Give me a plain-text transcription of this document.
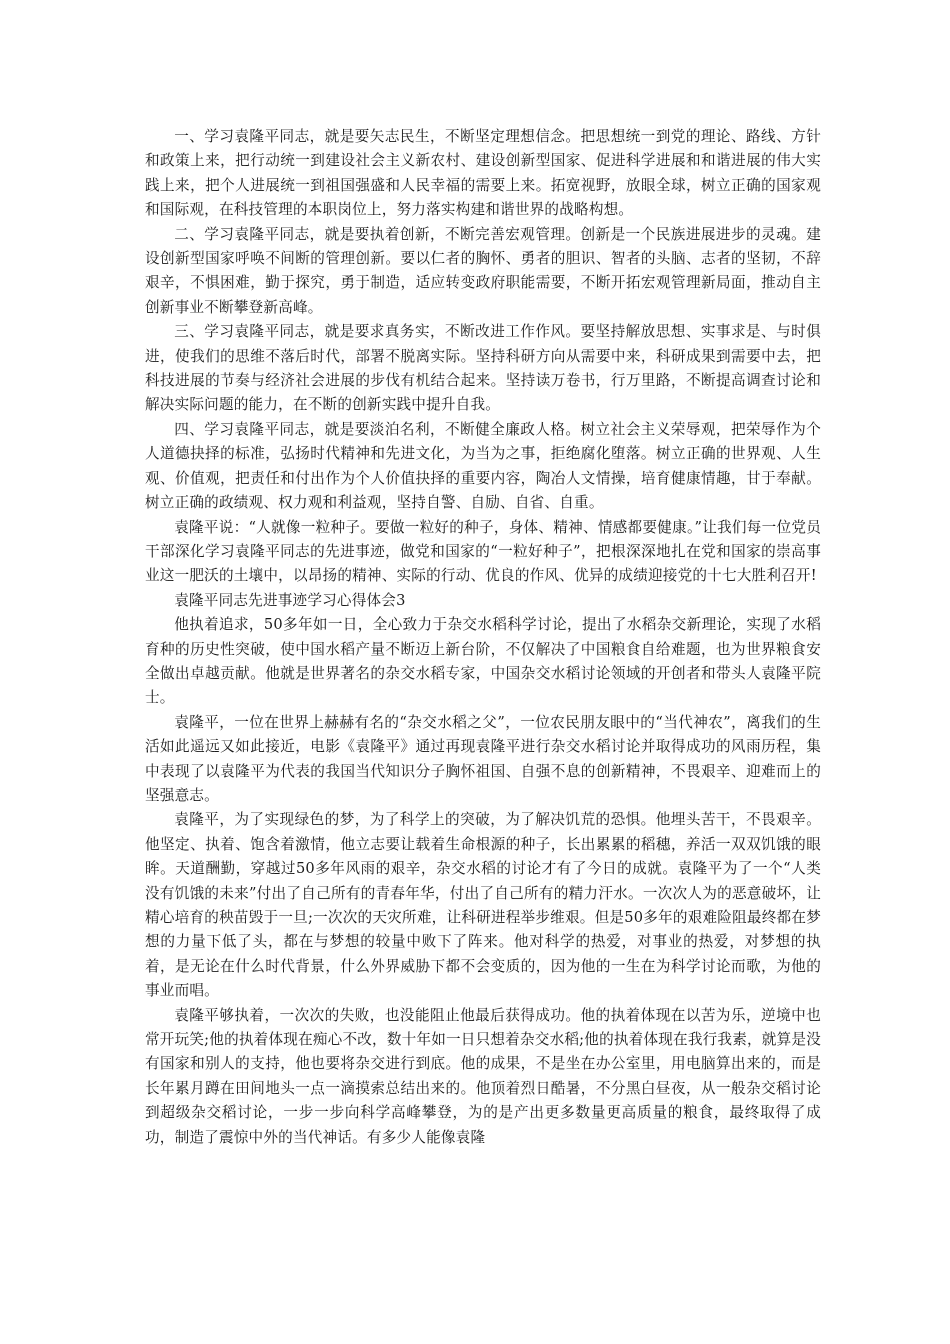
一、学习袁隆平同志，就是要矢志民生，不断坚定理想信念。把思想统一到党的理论、路线、方针和政策上来，把行动统一到建设社会主义新农村、建设创新型国家、促进科学进展和和谐进展的伟大实践上来，把个人进展统一到祖国强盛和人民幸福的需要上来。拓宽视野，放眼全球，树立正确的国家观和国际观，在科技管理的本职岗位上，努力落实构建和谐世界的战略构想。

二、学习袁隆平同志，就是要执着创新，不断完善宏观管理。创新是一个民族进展进步的灵魂。建设创新型国家呼唤不间断的管理创新。要以仁者的胸怀、勇者的胆识、智者的头脑、志者的坚韧，不辞艰辛，不惧困难，勤于探究，勇于制造，适应转变政府职能需要，不断开拓宏观管理新局面，推动自主创新事业不断攀登新高峰。

三、学习袁隆平同志，就是要求真务实，不断改进工作作风。要坚持解放思想、实事求是、与时俱进，使我们的思维不落后时代，部署不脱离实际。坚持科研方向从需要中来，科研成果到需要中去，把科技进展的节奏与经济社会进展的步伐有机结合起来。坚持读万卷书，行万里路，不断提高调查讨论和解决实际问题的能力，在不断的创新实践中提升自我。

四、学习袁隆平同志，就是要淡泊名利，不断健全廉政人格。树立社会主义荣辱观，把荣辱作为个人道德抉择的标准，弘扬时代精神和先进文化，为当为之事，拒绝腐化堕落。树立正确的世界观、人生观、价值观，把责任和付出作为个人价值抉择的重要内容，陶冶人文情操，培育健康情趣，甘于奉献。树立正确的政绩观、权力观和利益观，坚持自警、自励、自省、自重。

袁隆平说：“人就像一粒种子。要做一粒好的种子，身体、精神、情感都要健康。”让我们每一位党员干部深化学习袁隆平同志的先进事迹，做党和国家的“一粒好种子”，把根深深地扎在党和国家的崇高事业这一肥沃的土壤中，以昂扬的精神、实际的行动、优良的作风、优异的成绩迎接党的十七大胜利召开!

袁隆平同志先进事迹学习心得体会3

他执着追求，50多年如一日，全心致力于杂交水稻科学讨论，提出了水稻杂交新理论，实现了水稻育种的历史性突破，使中国水稻产量不断迈上新台阶，不仅解决了中国粮食自给难题，也为世界粮食安全做出卓越贡献。他就是世界著名的杂交水稻专家，中国杂交水稻讨论领域的开创者和带头人袁隆平院士。

袁隆平，一位在世界上赫赫有名的“杂交水稻之父”，一位农民朋友眼中的“当代神农”，离我们的生活如此遥远又如此接近，电影《袁隆平》通过再现袁隆平进行杂交水稻讨论并取得成功的风雨历程，集中表现了以袁隆平为代表的我国当代知识分子胸怀祖国、自强不息的创新精神，不畏艰辛、迎难而上的坚强意志。

袁隆平，为了实现绿色的梦，为了科学上的突破，为了解决饥荒的恐惧。他埋头苦干，不畏艰辛。他坚定、执着、饱含着激情，他立志要让载着生命根源的种子，长出累累的稻穗，养活一双双饥饿的眼眸。天道酬勤，穿越过50多年风雨的艰辛，杂交水稻的讨论才有了今日的成就。袁隆平为了一个“人类没有饥饿的未来”付出了自己所有的青春年华，付出了自己所有的精力汗水。一次次人为的恶意破坏，让精心培育的秧苗毁于一旦;一次次的天灾所难，让科研进程举步维艰。但是50多年的艰难险阻最终都在梦想的力量下低了头，都在与梦想的较量中败下了阵来。他对科学的热爱，对事业的热爱，对梦想的执着，是无论在什么时代背景，什么外界威胁下都不会变质的，因为他的一生在为科学讨论而歌，为他的事业而唱。

袁隆平够执着，一次次的失败，也没能阻止他最后获得成功。他的执着体现在以苦为乐，逆境中也常开玩笑;他的执着体现在痴心不改，数十年如一日只想着杂交水稻;他的执着体现在我行我素，就算是没有国家和别人的支持，他也要将杂交进行到底。他的成果，不是坐在办公室里，用电脑算出来的，而是长年累月蹲在田间地头一点一滴摸索总结出来的。他顶着烈日酷暑，不分黑白昼夜，从一般杂交稻讨论到超级杂交稻讨论，一步一步向科学高峰攀登，为的是产出更多数量更高质量的粮食，最终取得了成功，制造了震惊中外的当代神话。有多少人能像袁隆
